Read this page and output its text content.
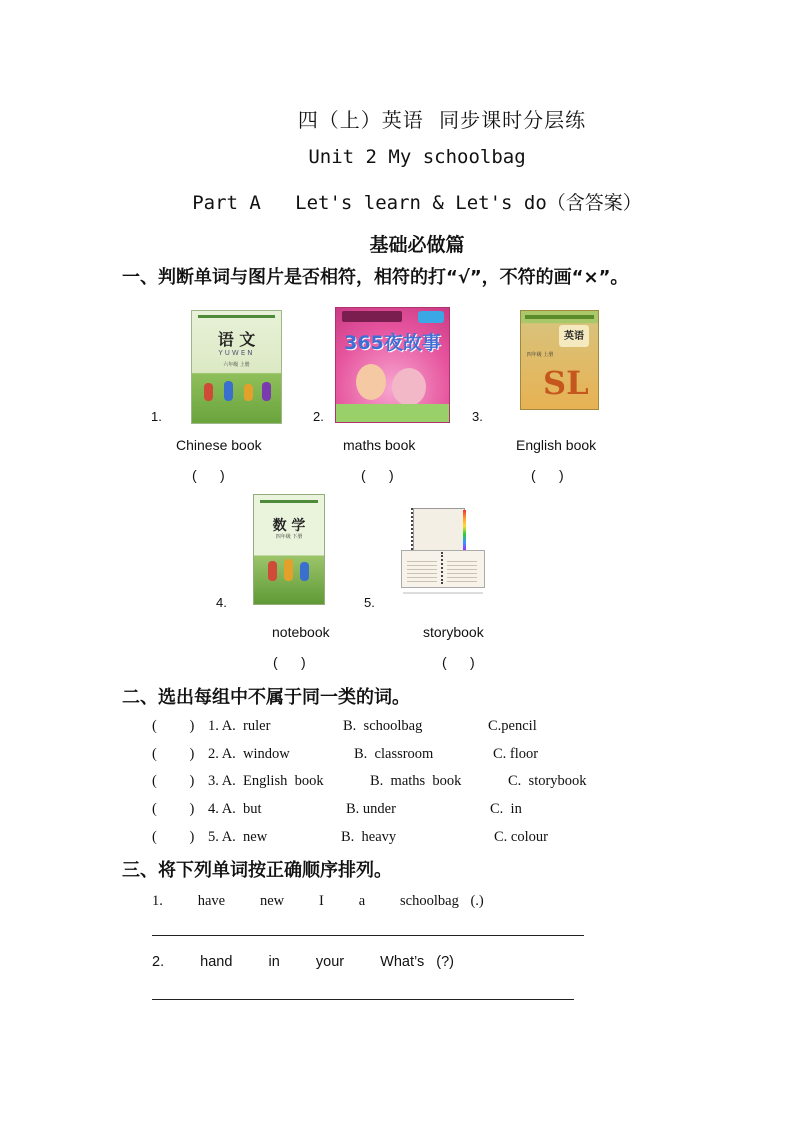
四（上）英语 同步课时分层练
Unit 2 My schoolbag
Part A   Let's learn & Let's do（含答案）
基础必做篇
一、判断单词与图片是否相符，相符的打“√”，不符的画“×”。
语 文
YUWEN
六年级 上册
1.
365夜故事
2.
英语
四年级 上册
SL
3.
Chinese book	maths book	English book
(      )	(      )	(      )
数 学
四年级 下册
4.	5.
notebook	storybook
(      )	(      )
二、选出每组中不属于同一类的词。
(         ) 1. A.  ruler	B.  schoolbag	C.pencil
(         ) 2. A.  window	B.  classroom	C. floor
(         ) 3. A.  English  book	B.  maths  book	C.  storybook
(         ) 4. A.  but	B. under	C.  in
(         ) 5. A.  new	B.  heavy	C. colour
三、将下列单词按正确顺序排列。
1.   have   new   I   a   schoolbag (.)
2.   hand   in   your   What’s (?)
